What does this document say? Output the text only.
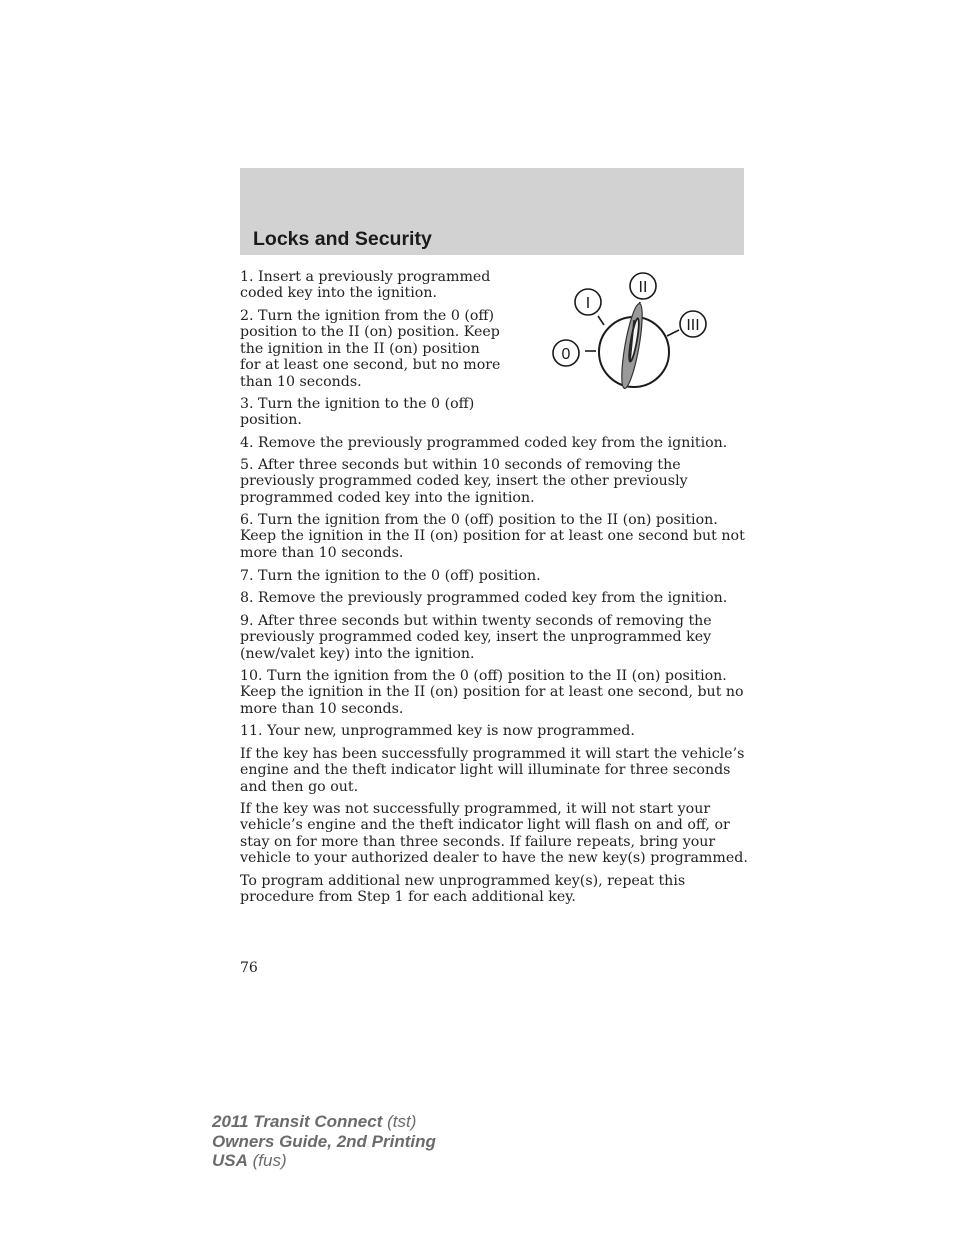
Locks and Security

1. Insert a previously programmed coded key into the ignition.

2. Turn the ignition from the 0 (off) position to the II (on) position. Keep the ignition in the II (on) position for at least one second, but no more than 10 seconds.

3. Turn the ignition to the 0 (off) position.

0
I
II
III

4. Remove the previously programmed coded key from the ignition.

5. After three seconds but within 10 seconds of removing the previously programmed coded key, insert the other previously programmed coded key into the ignition.

6. Turn the ignition from the 0 (off) position to the II (on) position. Keep the ignition in the II (on) position for at least one second but not more than 10 seconds.

7. Turn the ignition to the 0 (off) position.

8. Remove the previously programmed coded key from the ignition.

9. After three seconds but within twenty seconds of removing the previously programmed coded key, insert the unprogrammed key (new/valet key) into the ignition.

10. Turn the ignition from the 0 (off) position to the II (on) position. Keep the ignition in the II (on) position for at least one second, but no more than 10 seconds.

11. Your new, unprogrammed key is now programmed.

If the key has been successfully programmed it will start the vehicle’s engine and the theft indicator light will illuminate for three seconds and then go out.

If the key was not successfully programmed, it will not start your vehicle’s engine and the theft indicator light will flash on and off, or stay on for more than three seconds. If failure repeats, bring your vehicle to your authorized dealer to have the new key(s) programmed.

To program additional new unprogrammed key(s), repeat this procedure from Step 1 for each additional key.

76

2011 Transit Connect (tst)
Owners Guide, 2nd Printing
USA (fus)
